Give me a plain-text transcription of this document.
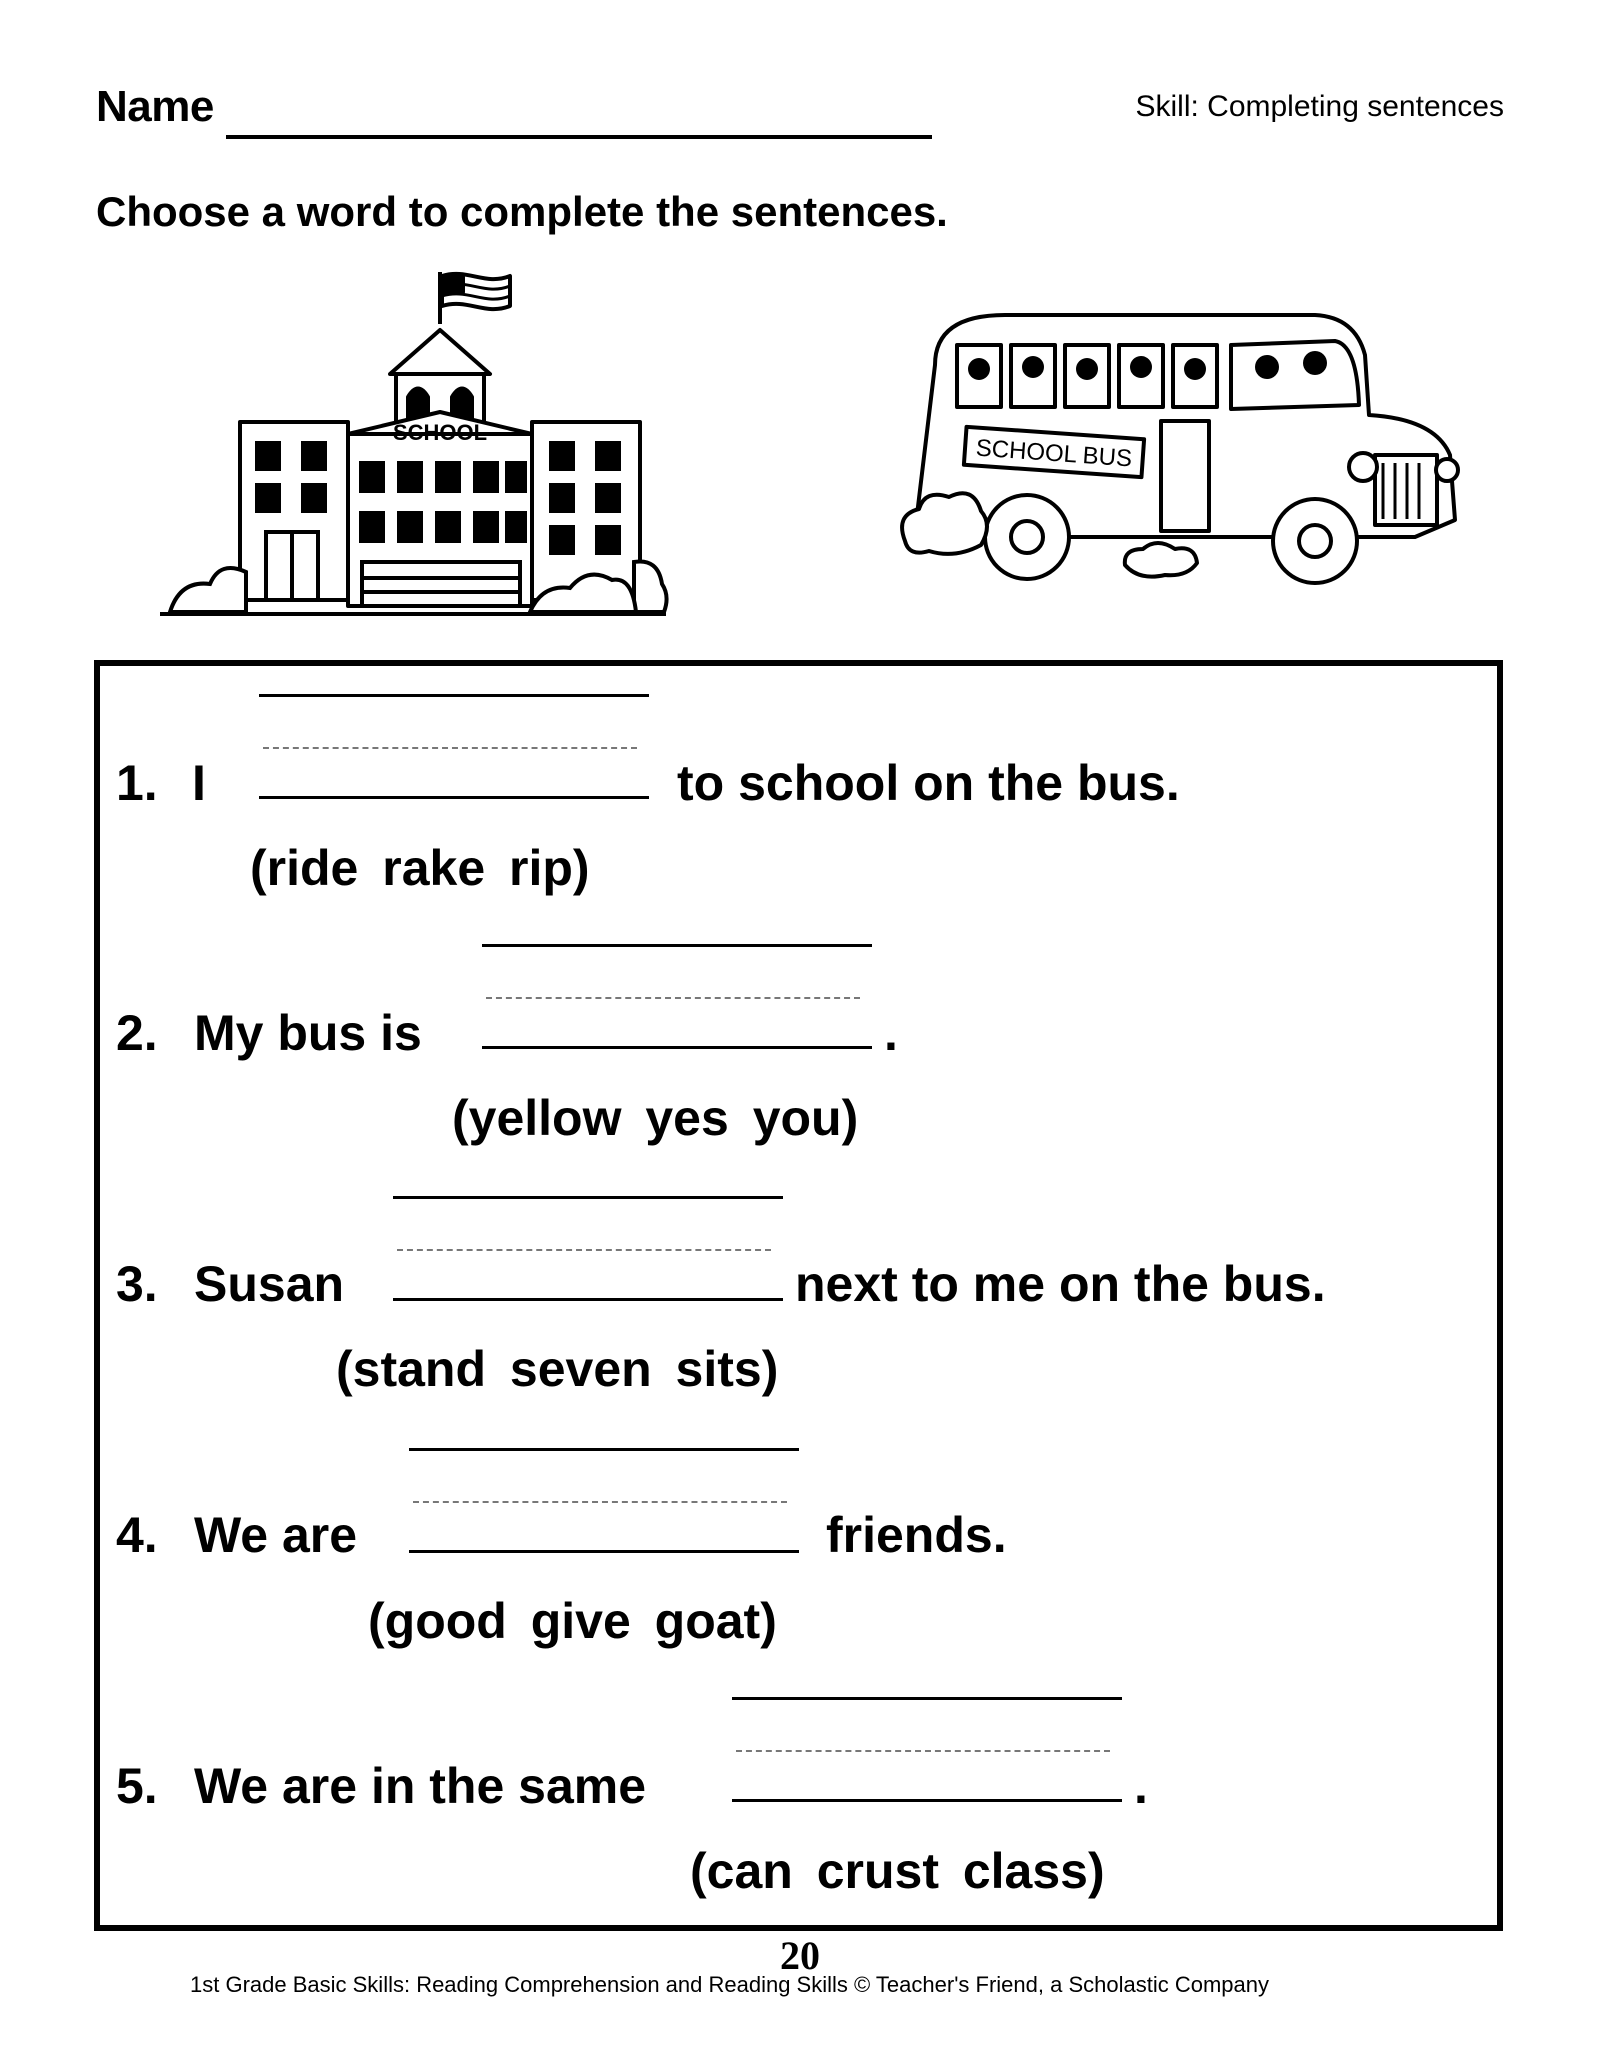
Name	Skill: Completing sentences
Choose a word to complete the sentences.
SCHOOL
SCHOOL BUS
1. I	to school on the bus.
(ride rake rip)
2. My bus is	.
(yellow yes you)
3. Susan	next to me on the bus.
(stand seven sits)
4. We are	friends.
(good give goat)
5. We are in the same	.
(can crust class)
20
1st Grade Basic Skills: Reading Comprehension and Reading Skills © Teacher's Friend, a Scholastic Company
